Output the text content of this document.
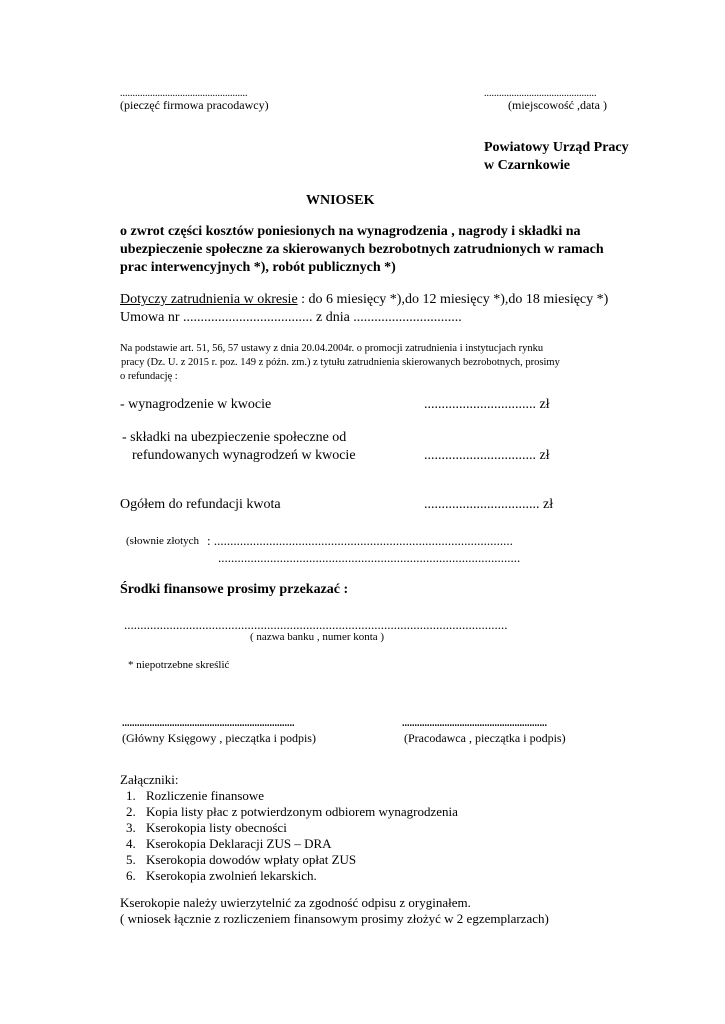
...................................................
(pieczęć firmowa pracodawcy)
.............................................
(miejscowość ,data )
Powiatowy Urząd Pracy
w Czarnkowie
WNIOSEK
o zwrot części kosztów poniesionych na wynagrodzenia , nagrody i składki na
ubezpieczenie społeczne za skierowanych bezrobotnych zatrudnionych w ramach
prac interwencyjnych *), robót publicznych *)
Dotyczy zatrudnienia w okresie : do 6 miesięcy *),do 12 miesięcy *),do 18 miesięcy *)
Umowa nr ..................................... z dnia ...............................
Na podstawie art. 51, 56, 57 ustawy z dnia 20.04.2004r. o promocji zatrudnienia i instytucjach rynku
pracy (Dz. U. z 2015 r. poz. 149 z późn. zm.) z tytułu zatrudnienia skierowanych bezrobotnych, prosimy
o refundację :
- wynagrodzenie w kwocie	................................ zł
- składki na ubezpieczenie społeczne od
refundowanych wynagrodzeń w kwocie	................................ zł
Ogółem do refundacji kwota	................................. zł
(słownie złotych : ............................................................................................
.............................................................................................
Środki finansowe prosimy przekazać :
......................................................................................................................
( nazwa banku , numer konta )
* niepotrzebne skreślić
.....................................................................
(Główny Księgowy , pieczątka i podpis)
..........................................................
(Pracodawca , pieczątka i podpis)
Załączniki:
1. Rozliczenie finansowe
2. Kopia listy płac z potwierdzonym odbiorem wynagrodzenia
3. Kserokopia listy obecności
4. Kserokopia Deklaracji ZUS – DRA
5. Kserokopia dowodów wpłaty opłat ZUS
6. Kserokopia zwolnień lekarskich.
Kserokopie należy uwierzytelnić za zgodność odpisu z oryginałem.
( wniosek łącznie z rozliczeniem finansowym prosimy złożyć w 2 egzemplarzach)
